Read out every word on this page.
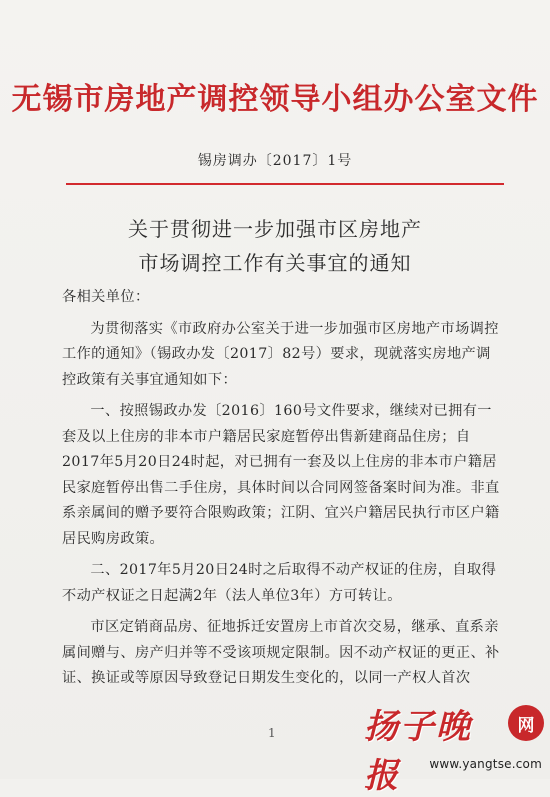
无锡市房地产调控领导小组办公室文件
锡房调办〔2017〕1号
关于贯彻进一步加强市区房地产
市场调控工作有关事宜的通知

各相关单位：

为贯彻落实《市政府办公室关于进一步加强市区房地产市场调控工作的通知》（锡政办发〔2017〕82号）要求，现就落实房地产调控政策有关事宜通知如下：

一、按照锡政办发〔2016〕160号文件要求，继续对已拥有一套及以上住房的非本市户籍居民家庭暂停出售新建商品住房；自2017年5月20日24时起，对已拥有一套及以上住房的非本市户籍居民家庭暂停出售二手住房，具体时间以合同网签备案时间为准。非直系亲属间的赠予要符合限购政策；江阴、宜兴户籍居民执行市区户籍居民购房政策。

二、2017年5月20日24时之后取得不动产权证的住房，自取得不动产权证之日起满2年（法人单位3年）方可转让。

市区定销商品房、征地拆迁安置房上市首次交易，继承、直系亲属间赠与、房产归并等不受该项规定限制。因不动产权证的更正、补证、换证或等原因导致登记日期发生变化的，以同一产权人首次

1	扬子晚报
网
www.yangtse.com
